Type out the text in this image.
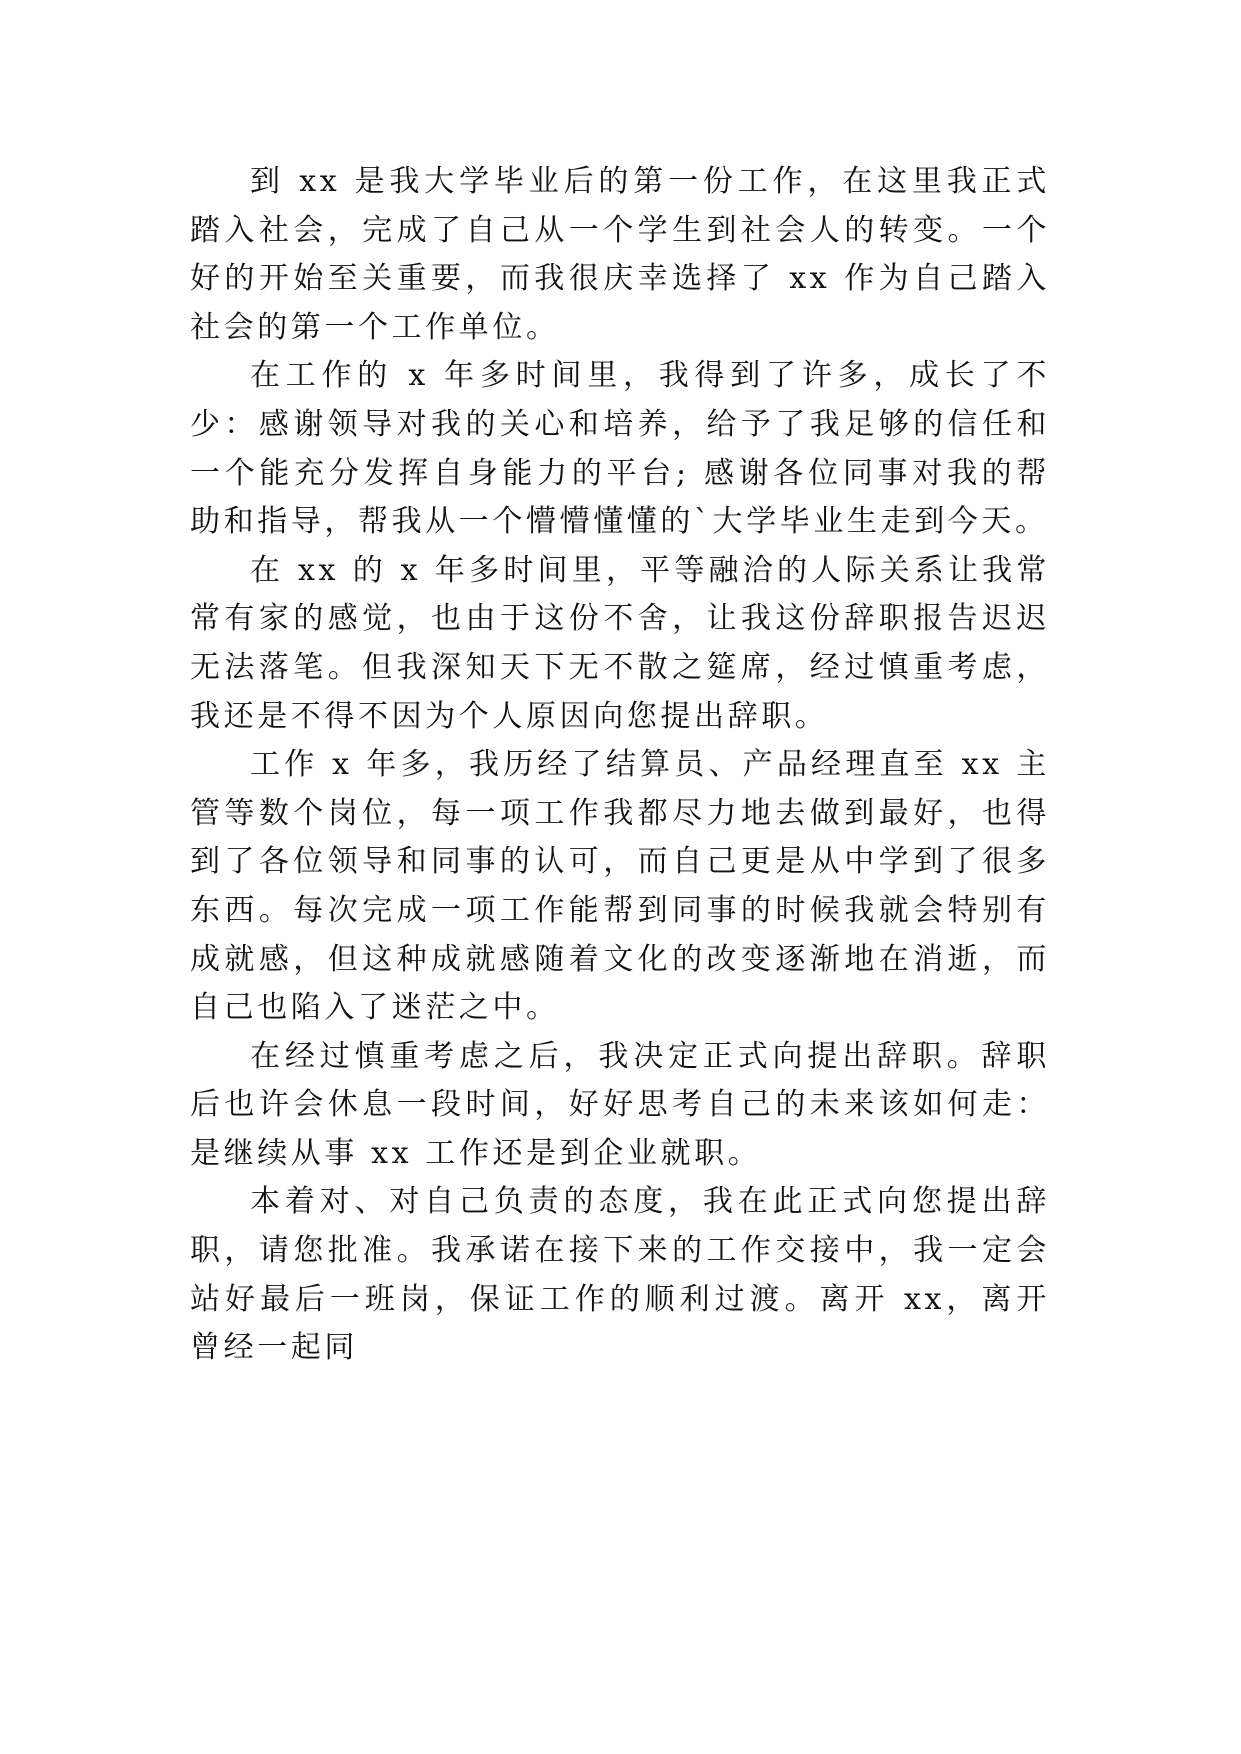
到 xx 是我大学毕业后的第一份工作，在这里我正式踏入社会，完成了自己从一个学生到社会人的转变。一个好的开始至关重要，而我很庆幸选择了 xx 作为自己踏入社会的第一个工作单位。

在工作的 x 年多时间里，我得到了许多，成长了不少：感谢领导对我的关心和培养，给予了我足够的信任和一个能充分发挥自身能力的平台; 感谢各位同事对我的帮助和指导，帮我从一个懵懵懂懂的`大学毕业生走到今天。

在 xx 的 x 年多时间里，平等融洽的人际关系让我常常有家的感觉，也由于这份不舍，让我这份辞职报告迟迟无法落笔。但我深知天下无不散之筵席，经过慎重考虑，我还是不得不因为个人原因向您提出辞职。

工作 x 年多，我历经了结算员、产品经理直至 xx 主管等数个岗位，每一项工作我都尽力地去做到最好，也得到了各位领导和同事的认可，而自己更是从中学到了很多东西。每次完成一项工作能帮到同事的时候我就会特别有成就感，但这种成就感随着文化的改变逐渐地在消逝，而自己也陷入了迷茫之中。

在经过慎重考虑之后，我决定正式向提出辞职。辞职后也许会休息一段时间，好好思考自己的未来该如何走：是继续从事 xx 工作还是到企业就职。

本着对、对自己负责的态度，我在此正式向您提出辞职，请您批准。我承诺在接下来的工作交接中，我一定会站好最后一班岗，保证工作的顺利过渡。离开 xx，离开曾经一起同
